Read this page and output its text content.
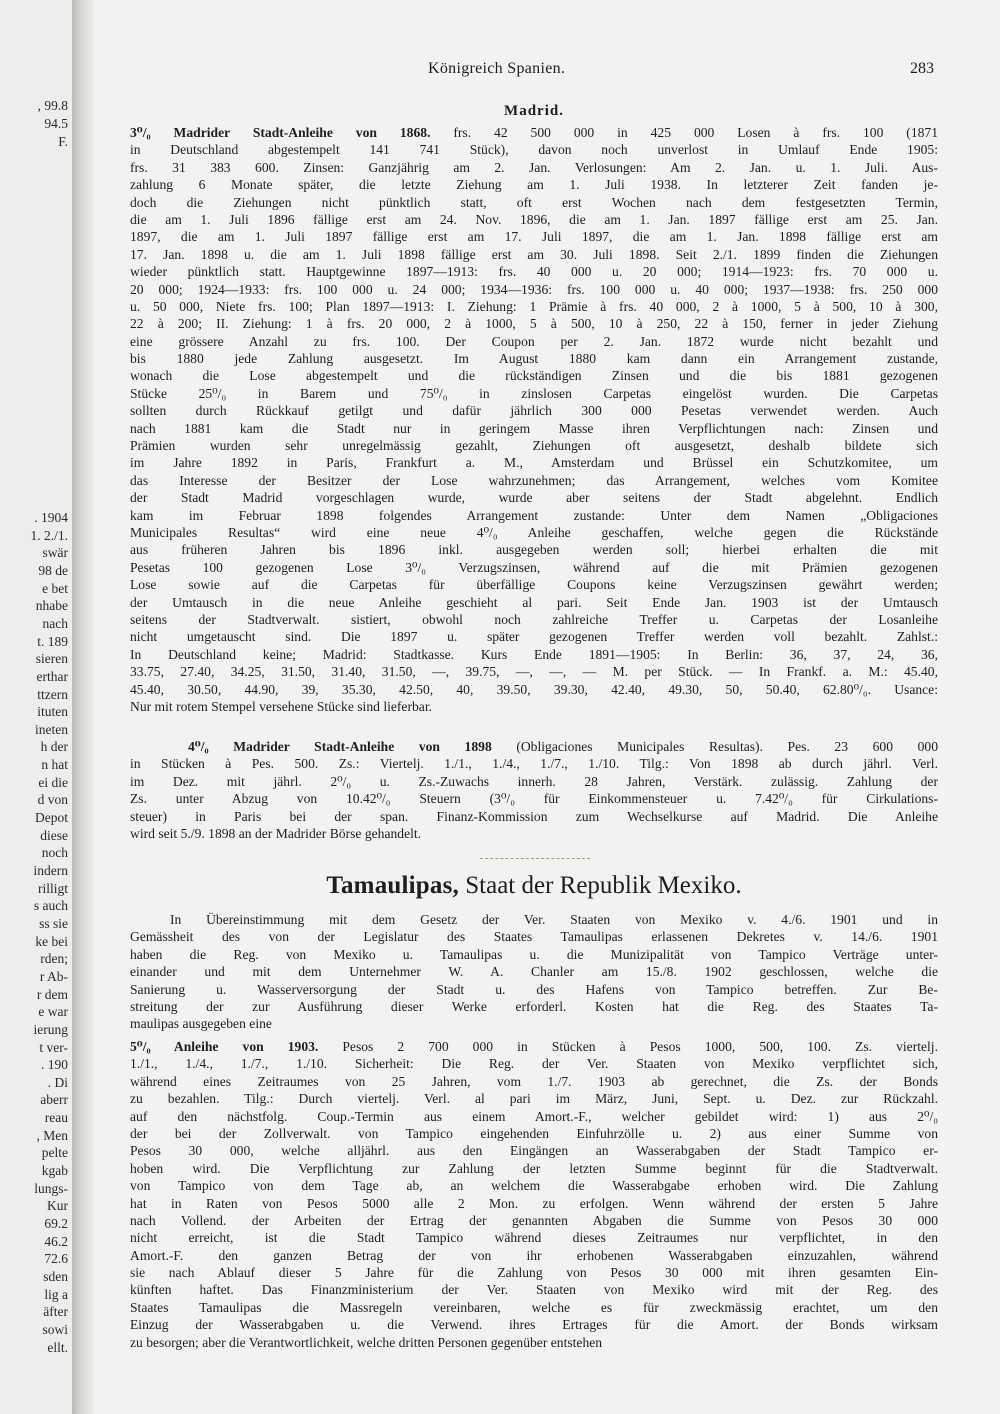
, 99.8
94.5
F.
. 1904
1. 2./1.
swär
98 de
e bet
nhabe
nach
t. 189
sieren
erthar
ttzern
ituten
ineten
h der
n hat
ei die
d von
Depot
diese
noch
indern
rilligt
s auch
ss sie
ke bei
rden;
r Ab-
r dem
e war
ierung
t ver-
. 190
. Di
aberr
reau
, Men
pelte
kgab
lungs-
Kur
69.2
46.2
72.6
sden
lig a
äfter
sowi
ellt.
Königreich Spanien.	283
Madrid.
3⁰/₀ Madrider Stadt-Anleihe von 1868. frs. 42 500 000 in 425 000 Losen à frs. 100 (1871
in Deutschland abgestempelt 141 741 Stück), davon noch unverlost in Umlauf Ende 1905:
frs. 31 383 600. Zinsen: Ganzjährig am 2. Jan. Verlosungen: Am 2. Jan. u. 1. Juli. Aus-
zahlung 6 Monate später, die letzte Ziehung am 1. Juli 1938. In letzterer Zeit fanden je-
doch die Ziehungen nicht pünktlich statt, oft erst Wochen nach dem festgesetzten Termin,
die am 1. Juli 1896 fällige erst am 24. Nov. 1896, die am 1. Jan. 1897 fällige erst am 25. Jan.
1897, die am 1. Juli 1897 fällige erst am 17. Juli 1897, die am 1. Jan. 1898 fällige erst am
17. Jan. 1898 u. die am 1. Juli 1898 fällige erst am 30. Juli 1898. Seit 2./1. 1899 finden die Ziehungen
wieder pünktlich statt. Hauptgewinne 1897—1913: frs. 40 000 u. 20 000; 1914—1923: frs. 70 000 u.
20 000; 1924—1933: frs. 100 000 u. 24 000; 1934—1936: frs. 100 000 u. 40 000; 1937—1938: frs. 250 000
u. 50 000, Niete frs. 100; Plan 1897—1913: I. Ziehung: 1 Prämie à frs. 40 000, 2 à 1000, 5 à 500, 10 à 300,
22 à 200; II. Ziehung: 1 à frs. 20 000, 2 à 1000, 5 à 500, 10 à 250, 22 à 150, ferner in jeder Ziehung
eine grössere Anzahl zu frs. 100. Der Coupon per 2. Jan. 1872 wurde nicht bezahlt und
bis 1880 jede Zahlung ausgesetzt. Im August 1880 kam dann ein Arrangement zustande,
wonach die Lose abgestempelt und die rückständigen Zinsen und die bis 1881 gezogenen
Stücke 25⁰/₀ in Barem und 75⁰/₀ in zinslosen Carpetas eingelöst wurden. Die Carpetas
sollten durch Rückkauf getilgt und dafür jährlich 300 000 Pesetas verwendet werden. Auch
nach 1881 kam die Stadt nur in geringem Masse ihren Verpflichtungen nach: Zinsen und
Prämien wurden sehr unregelmässig gezahlt, Ziehungen oft ausgesetzt, deshalb bildete sich
im Jahre 1892 in Paris, Frankfurt a. M., Amsterdam und Brüssel ein Schutzkomitee, um
das Interesse der Besitzer der Lose wahrzunehmen; das Arrangement, welches vom Komitee
der Stadt Madrid vorgeschlagen wurde, wurde aber seitens der Stadt abgelehnt. Endlich
kam im Februar 1898 folgendes Arrangement zustande: Unter dem Namen „Obligaciones
Municipales Resultas“ wird eine neue 4⁰/₀ Anleihe geschaffen, welche gegen die Rückstände
aus früheren Jahren bis 1896 inkl. ausgegeben werden soll; hierbei erhalten die mit
Pesetas 100 gezogenen Lose 3⁰/₀ Verzugszinsen, während auf die mit Prämien gezogenen
Lose sowie auf die Carpetas für überfällige Coupons keine Verzugszinsen gewährt werden;
der Umtausch in die neue Anleihe geschieht al pari. Seit Ende Jan. 1903 ist der Umtausch
seitens der Stadtverwalt. sistiert, obwohl noch zahlreiche Treffer u. Carpetas der Losanleihe
nicht umgetauscht sind. Die 1897 u. später gezogenen Treffer werden voll bezahlt. Zahlst.:
In Deutschland keine; Madrid: Stadtkasse. Kurs Ende 1891—1905: In Berlin: 36, 37, 24, 36,
33.75, 27.40, 34.25, 31.50, 31.40, 31.50, —, 39.75, —, —, — M. per Stück. — In Frankf. a. M.: 45.40,
45.40, 30.50, 44.90, 39, 35.30, 42.50, 40, 39.50, 39.30, 42.40, 49.30, 50, 50.40, 62.80⁰/₀. Usance:
Nur mit rotem Stempel versehene Stücke sind lieferbar.
4⁰/₀ Madrider Stadt-Anleihe von 1898 (Obligaciones Municipales Resultas). Pes. 23 600 000
in Stücken à Pes. 500. Zs.: Viertelj. 1./1., 1./4., 1./7., 1./10. Tilg.: Von 1898 ab durch jährl. Verl.
im Dez. mit jährl. 2⁰/₀ u. Zs.-Zuwachs innerh. 28 Jahren, Verstärk. zulässig. Zahlung der
Zs. unter Abzug von 10.42⁰/₀ Steuern (3⁰/₀ für Einkommensteuer u. 7.42⁰/₀ für Cirkulations-
steuer) in Paris bei der span. Finanz-Kommission zum Wechselkurse auf Madrid. Die Anleihe
wird seit 5./9. 1898 an der Madrider Börse gehandelt.
Tamaulipas, Staat der Republik Mexiko.
In Übereinstimmung mit dem Gesetz der Ver. Staaten von Mexiko v. 4./6. 1901 und in
Gemässheit des von der Legislatur des Staates Tamaulipas erlassenen Dekretes v. 14./6. 1901
haben die Reg. von Mexiko u. Tamaulipas u. die Munizipalität von Tampico Verträge unter-
einander und mit dem Unternehmer W. A. Chanler am 15./8. 1902 geschlossen, welche die
Sanierung u. Wasserversorgung der Stadt u. des Hafens von Tampico betreffen. Zur Be-
streitung der zur Ausführung dieser Werke erforderl. Kosten hat die Reg. des Staates Ta-
maulipas ausgegeben eine
5⁰/₀ Anleihe von 1903. Pesos 2 700 000 in Stücken à Pesos 1000, 500, 100. Zs. viertelj.
1./1., 1./4., 1./7., 1./10. Sicherheit: Die Reg. der Ver. Staaten von Mexiko verpflichtet sich,
während eines Zeitraumes von 25 Jahren, vom 1./7. 1903 ab gerechnet, die Zs. der Bonds
zu bezahlen. Tilg.: Durch viertelj. Verl. al pari im März, Juni, Sept. u. Dez. zur Rückzahl.
auf den nächstfolg. Coup.-Termin aus einem Amort.-F., welcher gebildet wird: 1) aus 2⁰/₀
der bei der Zollverwalt. von Tampico eingehenden Einfuhrzölle u. 2) aus einer Summe von
Pesos 30 000, welche alljährl. aus den Eingängen an Wasserabgaben der Stadt Tampico er-
hoben wird. Die Verpflichtung zur Zahlung der letzten Summe beginnt für die Stadtverwalt.
von Tampico von dem Tage ab, an welchem die Wasserabgabe erhoben wird. Die Zahlung
hat in Raten von Pesos 5000 alle 2 Mon. zu erfolgen. Wenn während der ersten 5 Jahre
nach Vollend. der Arbeiten der Ertrag der genannten Abgaben die Summe von Pesos 30 000
nicht erreicht, ist die Stadt Tampico während dieses Zeitraumes nur verpflichtet, in den
Amort.-F. den ganzen Betrag der von ihr erhobenen Wasserabgaben einzuzahlen, während
sie nach Ablauf dieser 5 Jahre für die Zahlung von Pesos 30 000 mit ihren gesamten Ein-
künften haftet. Das Finanzministerium der Ver. Staaten von Mexiko wird mit der Reg. des
Staates Tamaulipas die Massregeln vereinbaren, welche es für zweckmässig erachtet, um den
Einzug der Wasserabgaben u. die Verwend. ihres Ertrages für die Amort. der Bonds wirksam
zu besorgen; aber die Verantwortlichkeit, welche dritten Personen gegenüber entstehen
